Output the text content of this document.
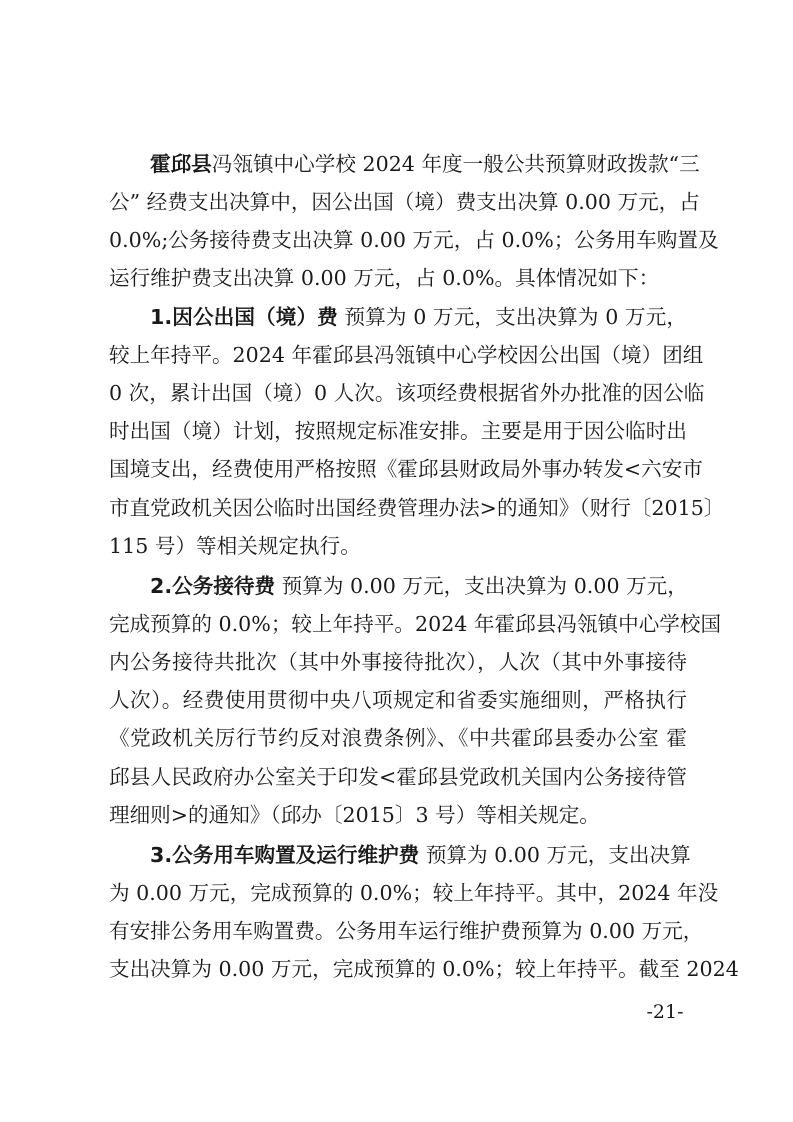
霍邱县冯瓴镇中心学校 2024 年度一般公共预算财政拨款“三
公” 经费支出决算中，因公出国（境）费支出决算 0.00 万元，占
0.0%;公务接待费支出决算 0.00 万元，占 0.0%；公务用车购置及
运行维护费支出决算 0.00 万元，占 0.0%。具体情况如下：
1.因公出国（境）费 预算为 0 万元，支出决算为 0 万元，
较上年持平。2024 年霍邱县冯瓴镇中心学校因公出国（境）团组
0 次，累计出国（境）0 人次。该项经费根据省外办批准的因公临
时出国（境）计划，按照规定标准安排。主要是用于因公临时出
国境支出，经费使用严格按照《霍邱县财政局外事办转发<六安市
市直党政机关因公临时出国经费管理办法>的通知》（财行〔2015〕
115 号）等相关规定执行。
2.公务接待费 预算为 0.00 万元，支出决算为 0.00 万元，
完成预算的 0.0%；较上年持平。2024 年霍邱县冯瓴镇中心学校国
内公务接待共批次（其中外事接待批次），人次（其中外事接待
人次）。经费使用贯彻中央八项规定和省委实施细则，严格执行
《党政机关厉行节约反对浪费条例》、《中共霍邱县委办公室 霍
邱县人民政府办公室关于印发<霍邱县党政机关国内公务接待管
理细则>的通知》（邱办〔2015〕3 号）等相关规定。
3.公务用车购置及运行维护费 预算为 0.00 万元，支出决算
为 0.00 万元，完成预算的 0.0%；较上年持平。其中，2024 年没
有安排公务用车购置费。公务用车运行维护费预算为 0.00 万元，
支出决算为 0.00 万元，完成预算的 0.0%；较上年持平。截至 2024
-21-
